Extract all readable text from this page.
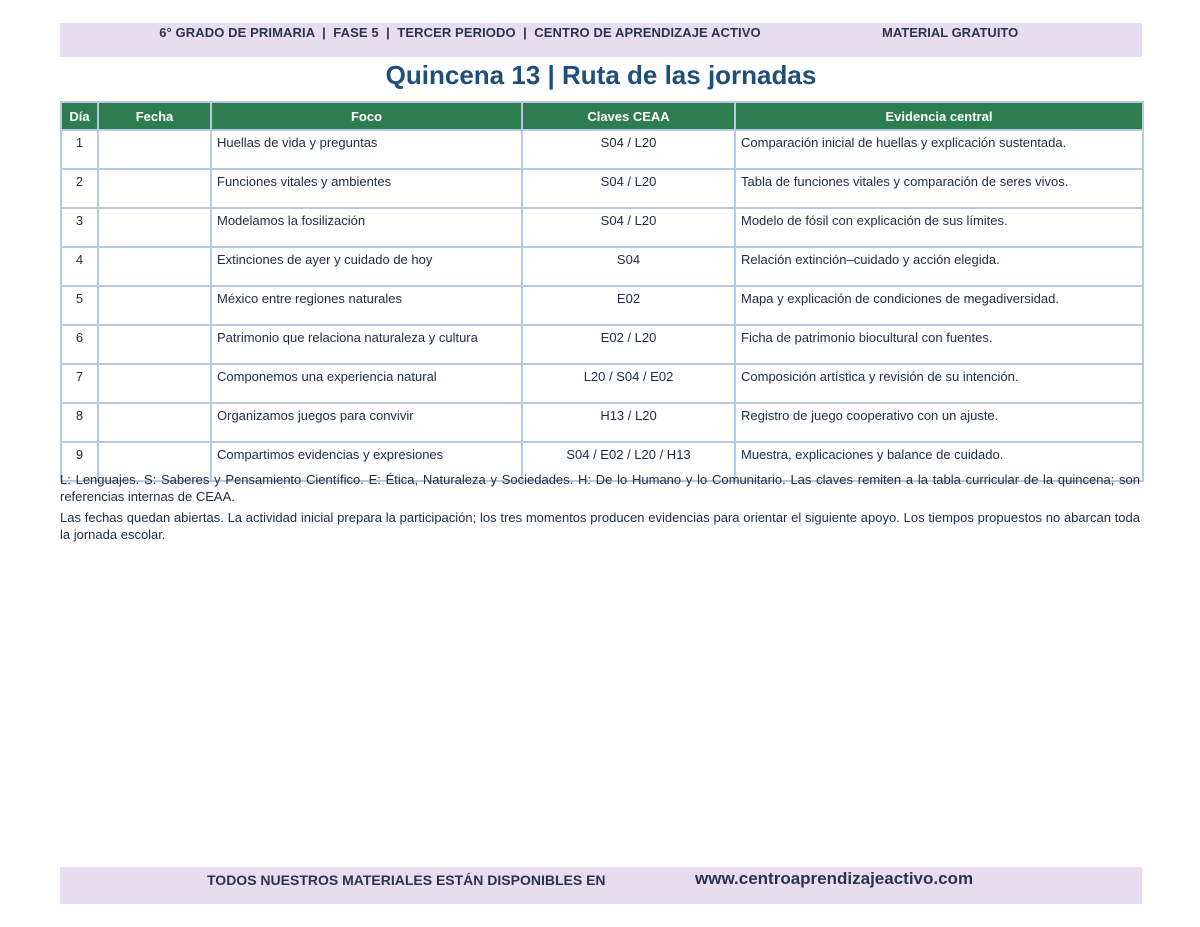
6° GRADO DE PRIMARIA  |  FASE 5  |  TERCER PERIODO  |  CENTRO DE APRENDIZAJE ACTIVO	MATERIAL GRATUITO
Quincena 13 | Ruta de las jornadas
Día	Fecha	Foco	Claves CEAA	Evidencia central
1		Huellas de vida y preguntas	S04 / L20	Comparación inicial de huellas y explicación sustentada.
2		Funciones vitales y ambientes	S04 / L20	Tabla de funciones vitales y comparación de seres vivos.
3		Modelamos la fosilización	S04 / L20	Modelo de fósil con explicación de sus límites.
4		Extinciones de ayer y cuidado de hoy	S04	Relación extinción–cuidado y acción elegida.
5		México entre regiones naturales	E02	Mapa y explicación de condiciones de megadiversidad.
6		Patrimonio que relaciona naturaleza y cultura	E02 / L20	Ficha de patrimonio biocultural con fuentes.
7		Componemos una experiencia natural	L20 / S04 / E02	Composición artística y revisión de su intención.
8		Organizamos juegos para convivir	H13 / L20	Registro de juego cooperativo con un ajuste.
9		Compartimos evidencias y expresiones	S04 / E02 / L20 / H13	Muestra, explicaciones y balance de cuidado.

L: Lenguajes. S: Saberes y Pensamiento Científico. E: Ética, Naturaleza y Sociedades. H: De lo Humano y lo Comunitario. Las claves remiten a la tabla curricular de la quincena; son referencias internas de CEAA.

Las fechas quedan abiertas. La actividad inicial prepara la participación; los tres momentos producen evidencias para orientar el siguiente apoyo. Los tiempos propuestos no abarcan toda la jornada escolar.

TODOS NUESTROS MATERIALES ESTÁN DISPONIBLES EN	www.centroaprendizajeactivo.com
